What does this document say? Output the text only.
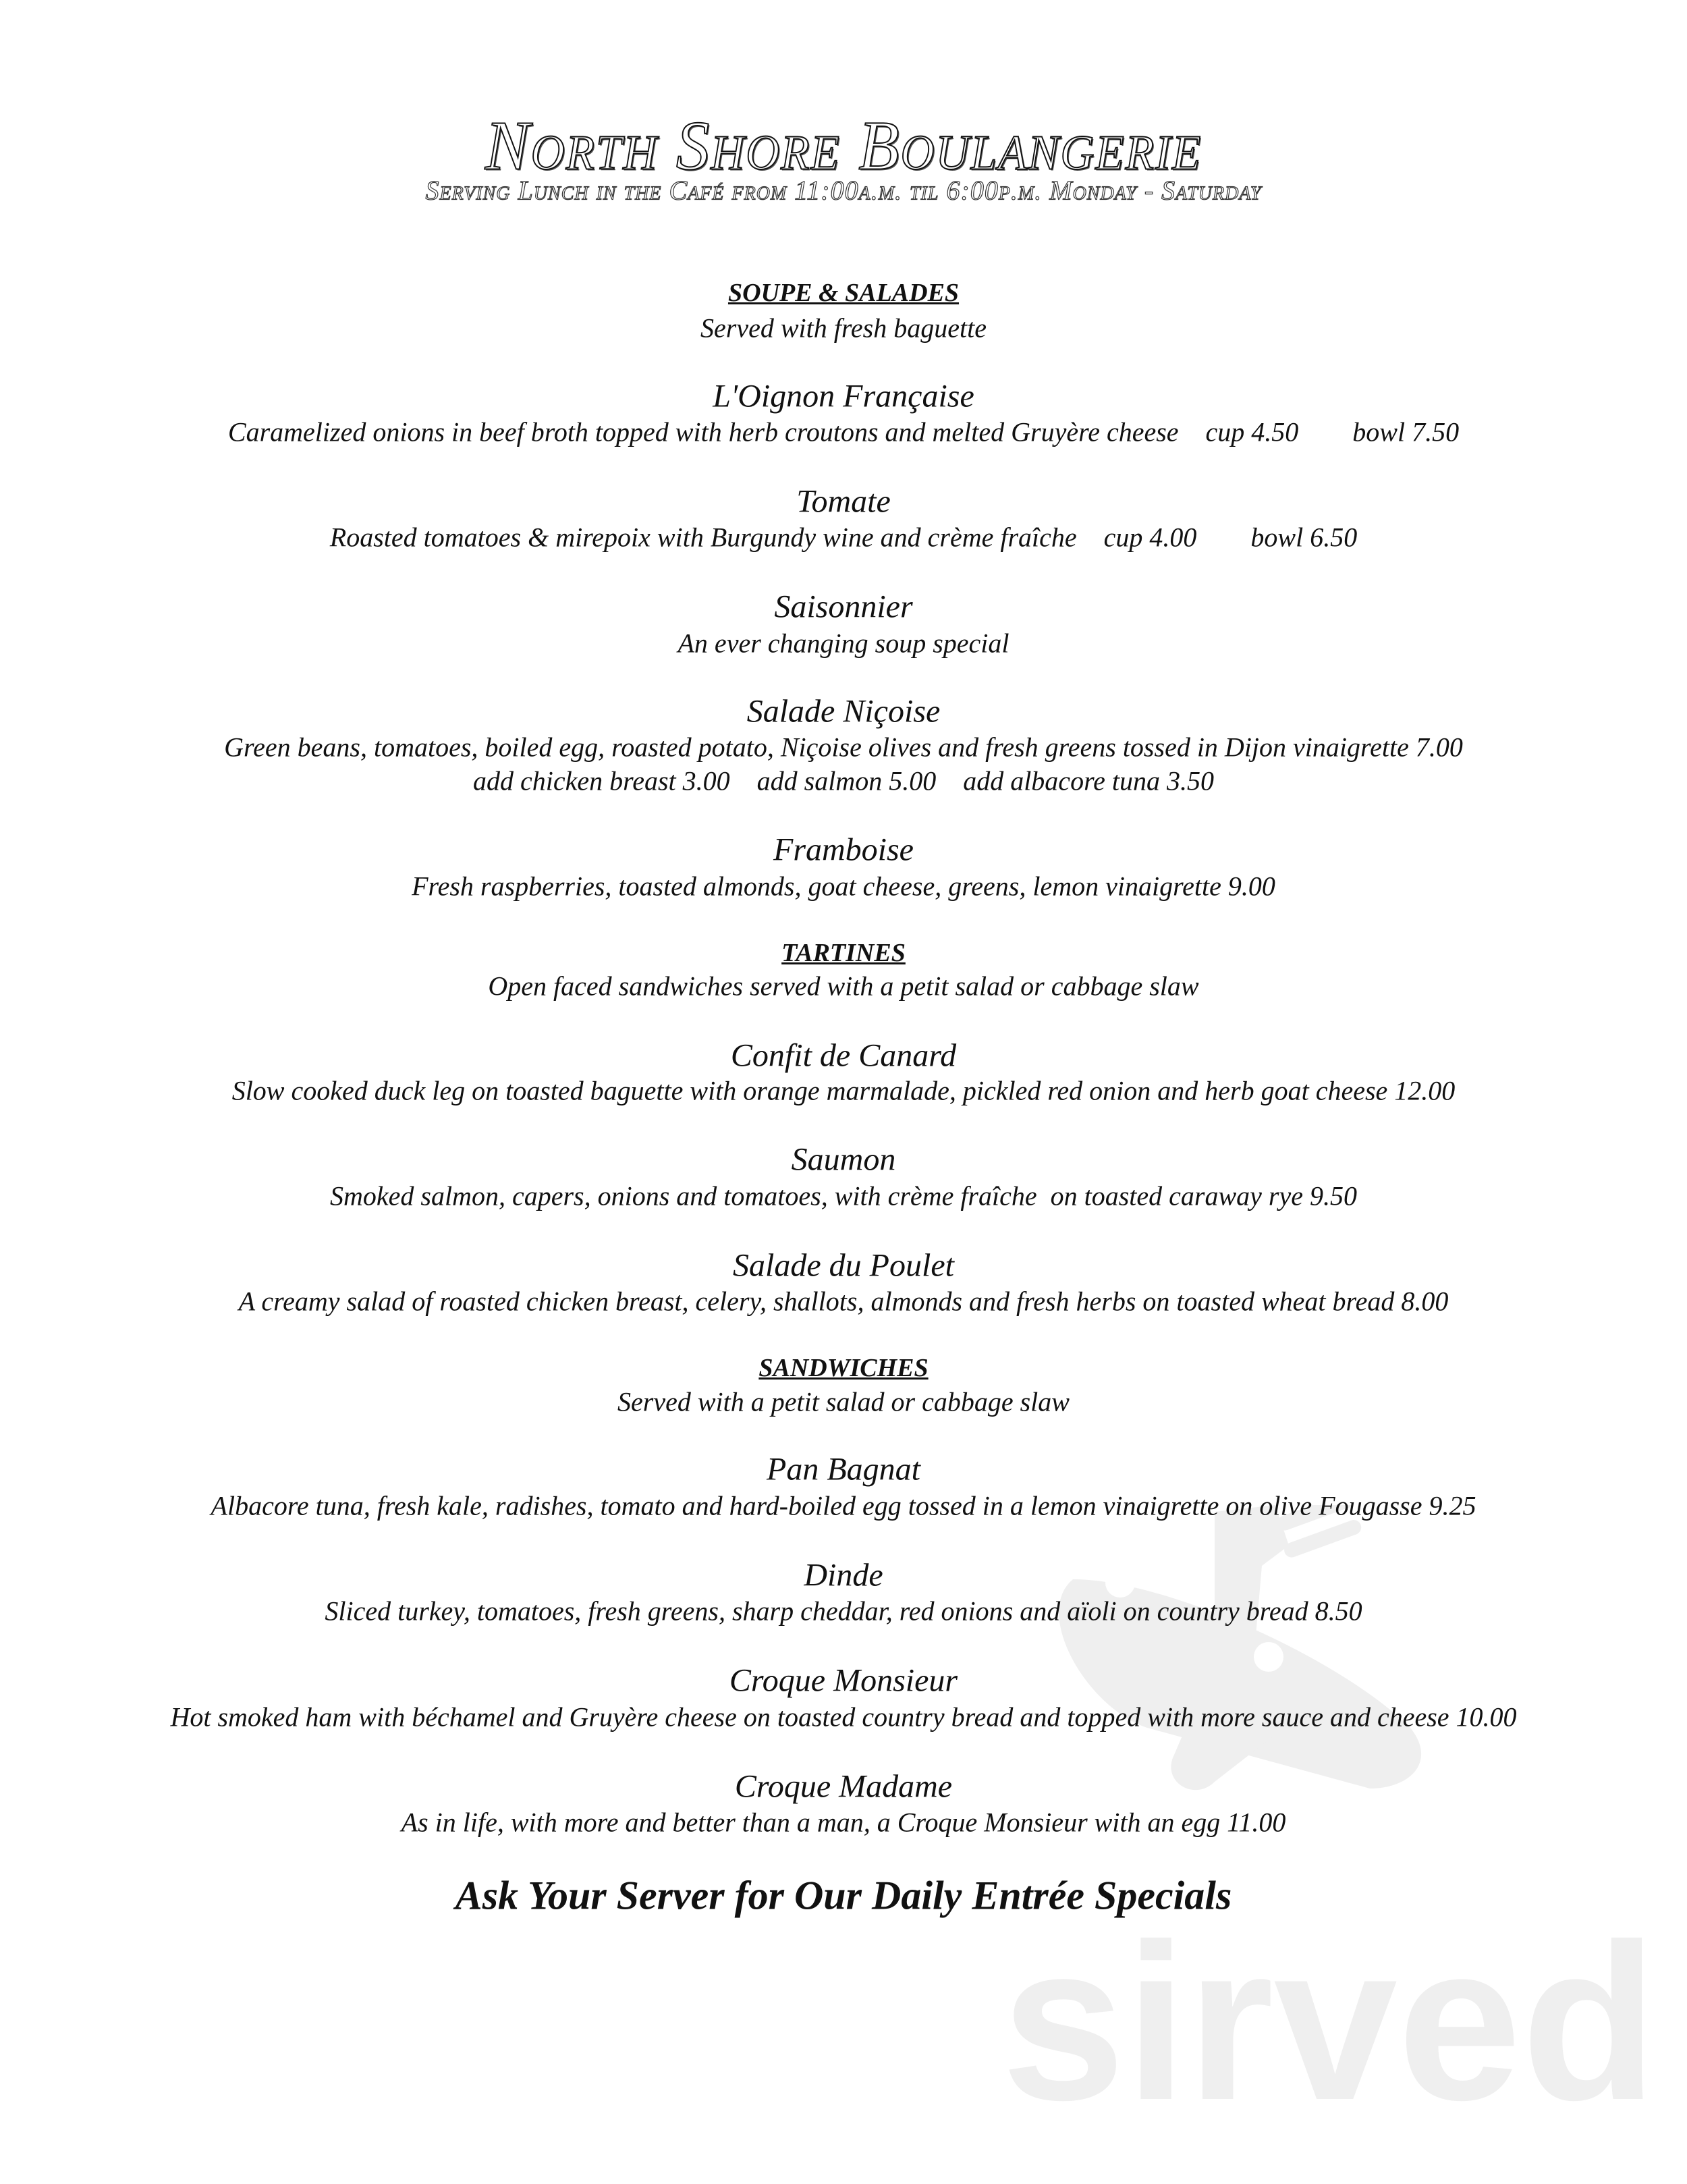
sirved
North Shore Boulangerie
Serving Lunch in the Café from 11:00a.m. til 6:00p.m. Monday - Saturday
SOUPE & SALADES
Served with fresh baguette
L'Oignon Française
Caramelized onions in beef broth topped with herb croutons and melted Gruyère cheese    cup 4.50        bowl 7.50
Tomate
Roasted tomatoes & mirepoix with Burgundy wine and crème fraîche    cup 4.00        bowl 6.50
Saisonnier
An ever changing soup special
Salade Niçoise
Green beans, tomatoes, boiled egg, roasted potato, Niçoise olives and fresh greens tossed in Dijon vinaigrette 7.00
add chicken breast 3.00    add salmon 5.00    add albacore tuna 3.50
Framboise
Fresh raspberries, toasted almonds, goat cheese, greens, lemon vinaigrette 9.00
TARTINES
Open faced sandwiches served with a petit salad or cabbage slaw
Confit de Canard
Slow cooked duck leg on toasted baguette with orange marmalade, pickled red onion and herb goat cheese 12.00
Saumon
Smoked salmon, capers, onions and tomatoes, with crème fraîche  on toasted caraway rye 9.50
Salade du Poulet
A creamy salad of roasted chicken breast, celery, shallots, almonds and fresh herbs on toasted wheat bread 8.00
SANDWICHES
Served with a petit salad or cabbage slaw
Pan Bagnat
Albacore tuna, fresh kale, radishes, tomato and hard-boiled egg tossed in a lemon vinaigrette on olive Fougasse 9.25
Dinde
Sliced turkey, tomatoes, fresh greens, sharp cheddar, red onions and aïoli on country bread 8.50
Croque Monsieur
Hot smoked ham with béchamel and Gruyère cheese on toasted country bread and topped with more sauce and cheese 10.00
Croque Madame
As in life, with more and better than a man, a Croque Monsieur with an egg 11.00
Ask Your Server for Our Daily Entrée Specials
